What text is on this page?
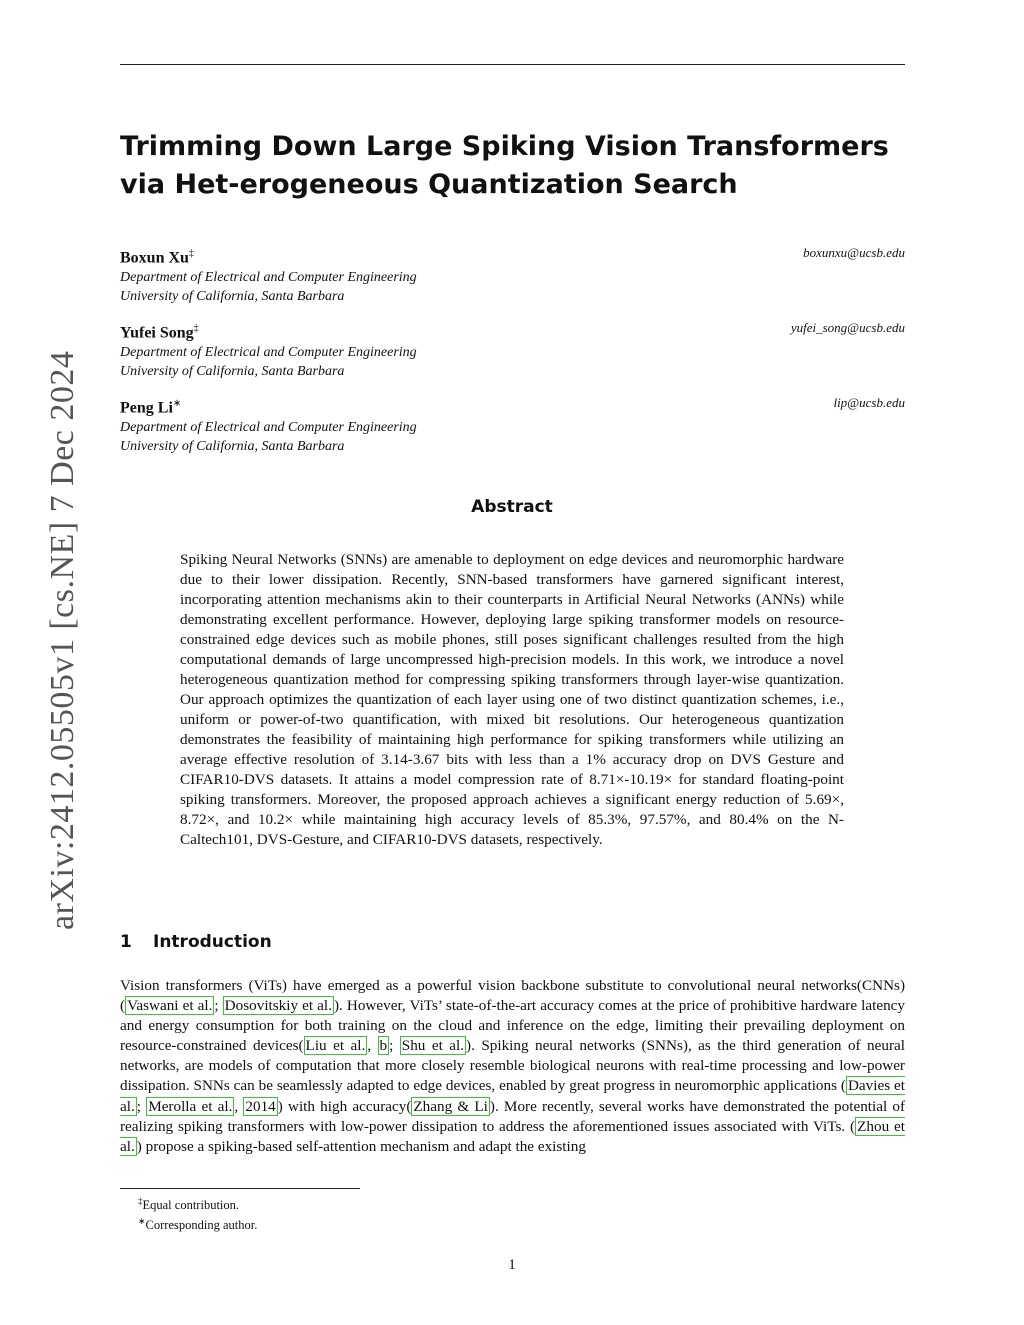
arXiv:2412.05505v1 [cs.NE] 7 Dec 2024
Trimming Down Large Spiking Vision Transformers via Het-erogeneous Quantization Search
Boxun Xu‡	boxunxu@ucsb.edu
Department of Electrical and Computer Engineering
University of California, Santa Barbara
Yufei Song‡	yufei_song@ucsb.edu
Department of Electrical and Computer Engineering
University of California, Santa Barbara
Peng Li∗	lip@ucsb.edu
Department of Electrical and Computer Engineering
University of California, Santa Barbara
Abstract
Spiking Neural Networks (SNNs) are amenable to deployment on edge devices and neuromorphic hardware due to their lower dissipation. Recently, SNN-based transformers have garnered significant interest, incorporating attention mechanisms akin to their counterparts in Artificial Neural Networks (ANNs) while demonstrating excellent performance. However, deploying large spiking transformer models on resource-constrained edge devices such as mobile phones, still poses significant challenges resulted from the high computational demands of large uncompressed high-precision models. In this work, we introduce a novel heterogeneous quantization method for compressing spiking transformers through layer-wise quantization. Our approach optimizes the quantization of each layer using one of two distinct quantization schemes, i.e., uniform or power-of-two quantification, with mixed bit resolutions. Our heterogeneous quantization demonstrates the feasibility of maintaining high performance for spiking transformers while utilizing an average effective resolution of 3.14-3.67 bits with less than a 1% accuracy drop on DVS Gesture and CIFAR10-DVS datasets. It attains a model compression rate of 8.71×-10.19× for standard floating-point spiking transformers. Moreover, the proposed approach achieves a significant energy reduction of 5.69×, 8.72×, and 10.2× while maintaining high accuracy levels of 85.3%, 97.57%, and 80.4% on the N-Caltech101, DVS-Gesture, and CIFAR10-DVS datasets, respectively.
1 Introduction
Vision transformers (ViTs) have emerged as a powerful vision backbone substitute to convolutional neural networks(CNNs) ( Vaswani et al. ; Dosovitskiy et al. ). However, ViTs’ state-of-the-art accuracy comes at the price of prohibitive hardware latency and energy consumption for both training on the cloud and inference on the edge, limiting their prevailing deployment on resource-constrained devices( Liu et al. , b ; Shu et al. ). Spiking neural networks (SNNs), as the third generation of neural networks, are models of computation that more closely resemble biological neurons with real-time processing and low-power dissipation. SNNs can be seamlessly adapted to edge devices, enabled by great progress in neuromorphic applications ( Davies et al. ; Merolla et al. , 2014 ) with high accuracy( Zhang & Li ). More recently, several works have demonstrated the potential of realizing spiking transformers with low-power dissipation to address the aforementioned issues associated with ViTs. ( Zhou et al. ) propose a spiking-based self-attention mechanism and adapt the existing
‡Equal contribution.
∗Corresponding author.
1
